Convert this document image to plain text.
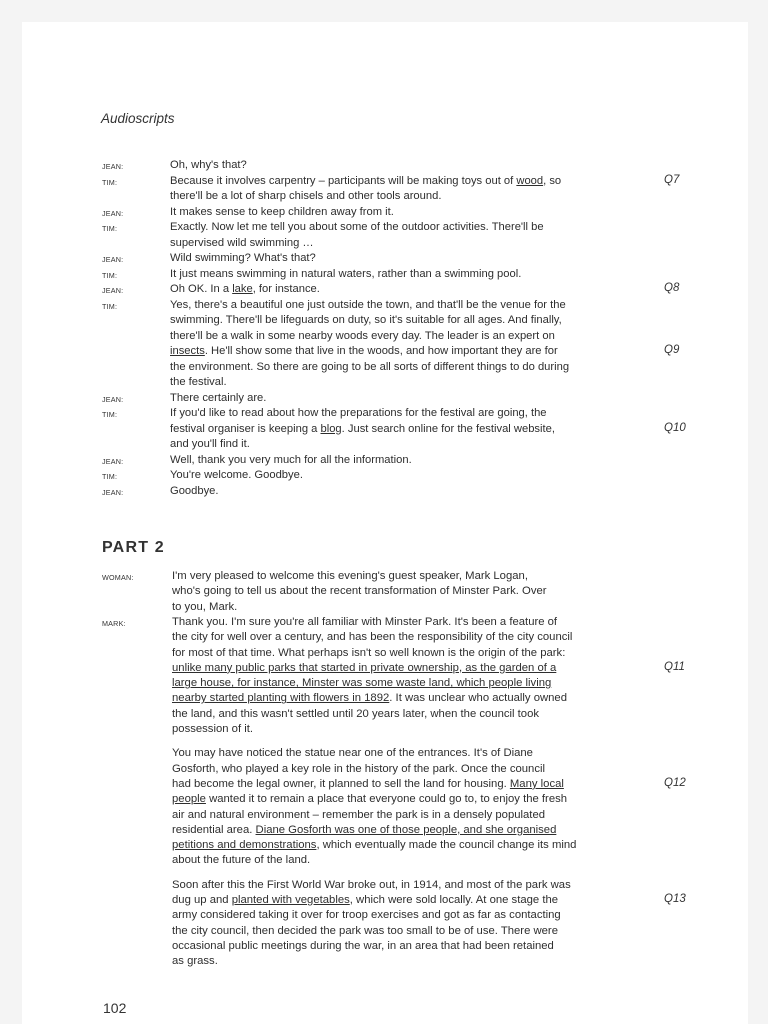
Audioscripts
JEAN:	Oh, why's that?
TIM:	Because it involves carpentry – participants will be making toys out of wood, so	Q7
there'll be a lot of sharp chisels and other tools around.
JEAN:	It makes sense to keep children away from it.
TIM:	Exactly. Now let me tell you about some of the outdoor activities. There'll be
supervised wild swimming …
JEAN:	Wild swimming? What's that?
TIM:	It just means swimming in natural waters, rather than a swimming pool.
JEAN:	Oh OK. In a lake, for instance.	Q8
TIM:	Yes, there's a beautiful one just outside the town, and that'll be the venue for the
swimming. There'll be lifeguards on duty, so it's suitable for all ages. And finally,
there'll be a walk in some nearby woods every day. The leader is an expert on
insects. He'll show some that live in the woods, and how important they are for	Q9
the environment. So there are going to be all sorts of different things to do during
the festival.
JEAN:	There certainly are.
TIM:	If you'd like to read about how the preparations for the festival are going, the
festival organiser is keeping a blog. Just search online for the festival website,	Q10
and you'll find it.
JEAN:	Well, thank you very much for all the information.
TIM:	You're welcome. Goodbye.
JEAN:	Goodbye.
PART 2
WOMAN:	I'm very pleased to welcome this evening's guest speaker, Mark Logan,
who's going to tell us about the recent transformation of Minster Park. Over
to you, Mark.
MARK:	Thank you. I'm sure you're all familiar with Minster Park. It's been a feature of
the city for well over a century, and has been the responsibility of the city council
for most of that time. What perhaps isn't so well known is the origin of the park:
unlike many public parks that started in private ownership, as the garden of a	Q11
large house, for instance, Minster was some waste land, which people living
nearby started planting with flowers in 1892. It was unclear who actually owned
the land, and this wasn't settled until 20 years later, when the council took
possession of it.
You may have noticed the statue near one of the entrances. It's of Diane
Gosforth, who played a key role in the history of the park. Once the council
had become the legal owner, it planned to sell the land for housing. Many local	Q12
people wanted it to remain a place that everyone could go to, to enjoy the fresh
air and natural environment – remember the park is in a densely populated
residential area. Diane Gosforth was one of those people, and she organised
petitions and demonstrations, which eventually made the council change its mind
about the future of the land.
Soon after this the First World War broke out, in 1914, and most of the park was
dug up and planted with vegetables, which were sold locally. At one stage the	Q13
army considered taking it over for troop exercises and got as far as contacting
the city council, then decided the park was too small to be of use. There were
occasional public meetings during the war, in an area that had been retained
as grass.
102
